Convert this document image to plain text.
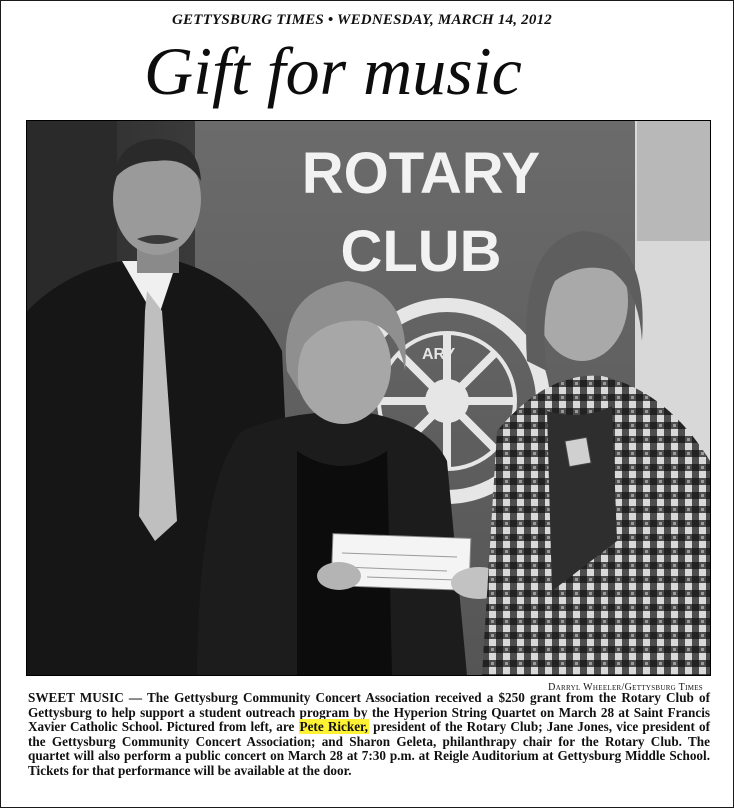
GETTYSBURG TIMES • WEDNESDAY, MARCH 14, 2012
Gift for music
ROTARY
CLUB
ARY
Darryl Wheeler/Gettysburg Times
SWEET MUSIC — The Gettysburg Community Concert Association received a $250 grant from the Rotary Club of Gettysburg to help support a student outreach program by the Hyperion String Quartet on March 28 at Saint Francis Xavier Catholic School. Pictured from left, are Pete Ricker, president of the Rotary Club; Jane Jones, vice president of the Gettysburg Community Concert Association; and Sharon Geleta, philanthrapy chair for the Rotary Club. The quartet will also perform a public concert on March 28 at 7:30 p.m. at Reigle Auditorium at Gettysburg Middle School. Tickets for that performance will be available at the door.
